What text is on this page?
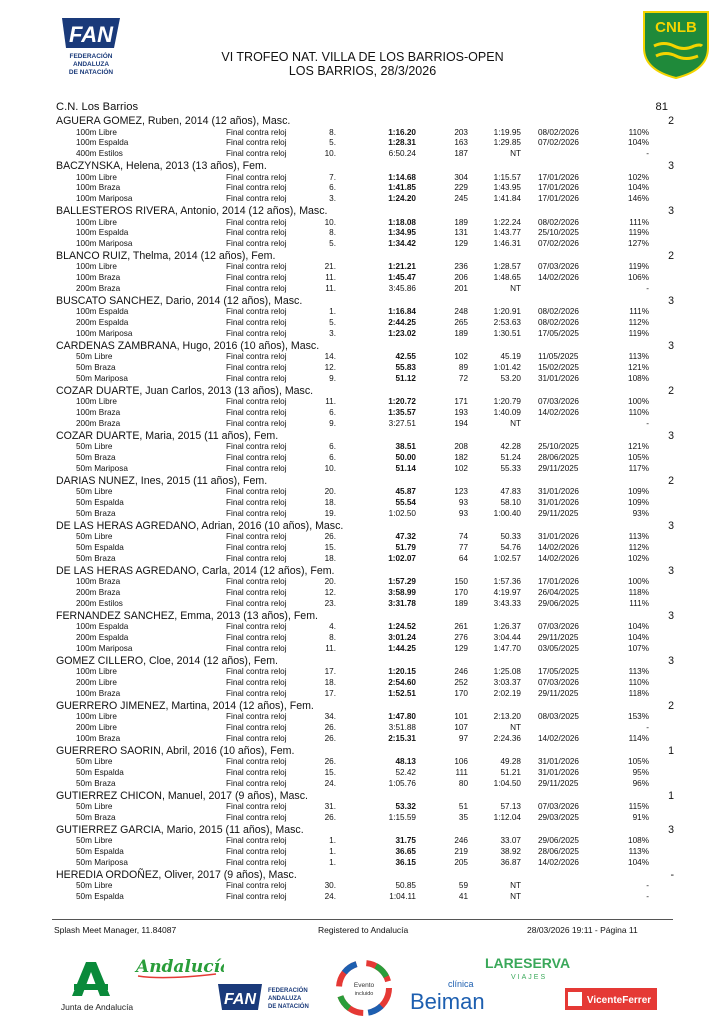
FAN
FEDERACIÓN
ANDALUZA
DE NATACIÓN
CNLB
VI TROFEO NAT. VILLA DE LOS BARRIOS-OPEN
LOS BARRIOS, 28/3/2026
C.N. Los Barrios	81
AGUERA GOMEZ, Ruben, 2014 (12 años), Masc.	2
100m Libre	Final contra reloj	8.	1:16.20	203	1:19.95 08/02/2026	110%
100m Espalda	Final contra reloj	5.	1:28.31	163	1:29.85 07/02/2026	104%
400m Estilos	Final contra reloj	10.	6:50.24	187	NT	-
BACZYNSKA, Helena, 2013 (13 años), Fem.	3
100m Libre	Final contra reloj	7.	1:14.68	304	1:15.57 17/01/2026	102%
100m Braza	Final contra reloj	6.	1:41.85	229	1:43.95 17/01/2026	104%
100m Mariposa	Final contra reloj	3.	1:24.20	245	1:41.84 17/01/2026	146%
BALLESTEROS RIVERA, Antonio, 2014 (12 años), Masc.	3
100m Libre	Final contra reloj	10.	1:18.08	189	1:22.24 08/02/2026	111%
100m Espalda	Final contra reloj	8.	1:34.95	131	1:43.77 25/10/2025	119%
100m Mariposa	Final contra reloj	5.	1:34.42	129	1:46.31 07/02/2026	127%
BLANCO RUIZ, Thelma, 2014 (12 años), Fem.	2
100m Libre	Final contra reloj	21.	1:21.21	236	1:28.57 07/03/2026	119%
100m Braza	Final contra reloj	11.	1:45.47	206	1:48.65 14/02/2026	106%
200m Braza	Final contra reloj	11.	3:45.86	201	NT	-
BUSCATO SANCHEZ, Dario, 2014 (12 años), Masc.	3
100m Espalda	Final contra reloj	1.	1:16.84	248	1:20.91 08/02/2026	111%
200m Espalda	Final contra reloj	5.	2:44.25	265	2:53.63 08/02/2026	112%
100m Mariposa	Final contra reloj	3.	1:23.02	189	1:30.51 17/05/2025	119%
CARDENAS ZAMBRANA, Hugo, 2016 (10 años), Masc.	3
50m Libre	Final contra reloj	14.	42.55	102	45.19 11/05/2025	113%
50m Braza	Final contra reloj	12.	55.83	89	1:01.42 15/02/2025	121%
50m Mariposa	Final contra reloj	9.	51.12	72	53.20 31/01/2026	108%
COZAR DUARTE, Juan Carlos, 2013 (13 años), Masc.	2
100m Libre	Final contra reloj	11.	1:20.72	171	1:20.79 07/03/2026	100%
100m Braza	Final contra reloj	6.	1:35.57	193	1:40.09 14/02/2026	110%
200m Braza	Final contra reloj	9.	3:27.51	194	NT	-
COZAR DUARTE, Maria, 2015 (11 años), Fem.	3
50m Libre	Final contra reloj	6.	38.51	208	42.28 25/10/2025	121%
50m Braza	Final contra reloj	6.	50.00	182	51.24 28/06/2025	105%
50m Mariposa	Final contra reloj	10.	51.14	102	55.33 29/11/2025	117%
DARIAS NUNEZ, Ines, 2015 (11 años), Fem.	2
50m Libre	Final contra reloj	20.	45.87	123	47.83 31/01/2026	109%
50m Espalda	Final contra reloj	18.	55.54	93	58.10 31/01/2026	109%
50m Braza	Final contra reloj	19.	1:02.50	93	1:00.40 29/11/2025	93%
DE LAS HERAS AGREDANO, Adrian, 2016 (10 años), Masc.	3
50m Libre	Final contra reloj	26.	47.32	74	50.33 31/01/2026	113%
50m Espalda	Final contra reloj	15.	51.79	77	54.76 14/02/2026	112%
50m Braza	Final contra reloj	18.	1:02.07	64	1:02.57 14/02/2026	102%
DE LAS HERAS AGREDANO, Carla, 2014 (12 años), Fem.	3
100m Braza	Final contra reloj	20.	1:57.29	150	1:57.36 17/01/2026	100%
200m Braza	Final contra reloj	12.	3:58.99	170	4:19.97 26/04/2025	118%
200m Estilos	Final contra reloj	23.	3:31.78	189	3:43.33 29/06/2025	111%
FERNANDEZ SANCHEZ, Emma, 2013 (13 años), Fem.	3
100m Espalda	Final contra reloj	4.	1:24.52	261	1:26.37 07/03/2026	104%
200m Espalda	Final contra reloj	8.	3:01.24	276	3:04.44 29/11/2025	104%
100m Mariposa	Final contra reloj	11.	1:44.25	129	1:47.70 03/05/2025	107%
GOMEZ CILLERO, Cloe, 2014 (12 años), Fem.	3
100m Libre	Final contra reloj	17.	1:20.15	246	1:25.08 17/05/2025	113%
200m Libre	Final contra reloj	18.	2:54.60	252	3:03.37 07/03/2026	110%
100m Braza	Final contra reloj	17.	1:52.51	170	2:02.19 29/11/2025	118%
GUERRERO JIMENEZ, Martina, 2014 (12 años), Fem.	2
100m Libre	Final contra reloj	34.	1:47.80	101	2:13.20 08/03/2025	153%
200m Libre	Final contra reloj	26.	3:51.88	107	NT	-
100m Braza	Final contra reloj	26.	2:15.31	97	2:24.36 14/02/2026	114%
GUERRERO SAORIN, Abril, 2016 (10 años), Fem.	1
50m Libre	Final contra reloj	26.	48.13	106	49.28 31/01/2026	105%
50m Espalda	Final contra reloj	15.	52.42	111	51.21 31/01/2026	95%
50m Braza	Final contra reloj	24.	1:05.76	80	1:04.50 29/11/2025	96%
GUTIERREZ CHICON, Manuel, 2017 (9 años), Masc.	1
50m Libre	Final contra reloj	31.	53.32	51	57.13 07/03/2026	115%
50m Braza	Final contra reloj	26.	1:15.59	35	1:12.04 29/03/2025	91%
GUTIERREZ GARCIA, Mario, 2015 (11 años), Masc.	3
50m Libre	Final contra reloj	1.	31.75	246	33.07 29/06/2025	108%
50m Espalda	Final contra reloj	1.	36.65	219	38.92 28/06/2025	113%
50m Mariposa	Final contra reloj	1.	36.15	205	36.87 14/02/2026	104%
HEREDIA ORDOÑEZ, Oliver, 2017 (9 años), Masc.	-
50m Libre	Final contra reloj	30.	50.85	59	NT	-
50m Espalda	Final contra reloj	24.	1:04.11	41	NT	-
Splash Meet Manager, 11.84087	Registered to Andalucía	28/03/2026 19:11 - Página 11
Junta de Andalucía
Andalucía
FAN FEDERACIÓN
ANDALUZA
DE NATACIÓN
Evento
incluido
clínica
Beiman
LARESERVA
VIAJES
VicenteFerrer
